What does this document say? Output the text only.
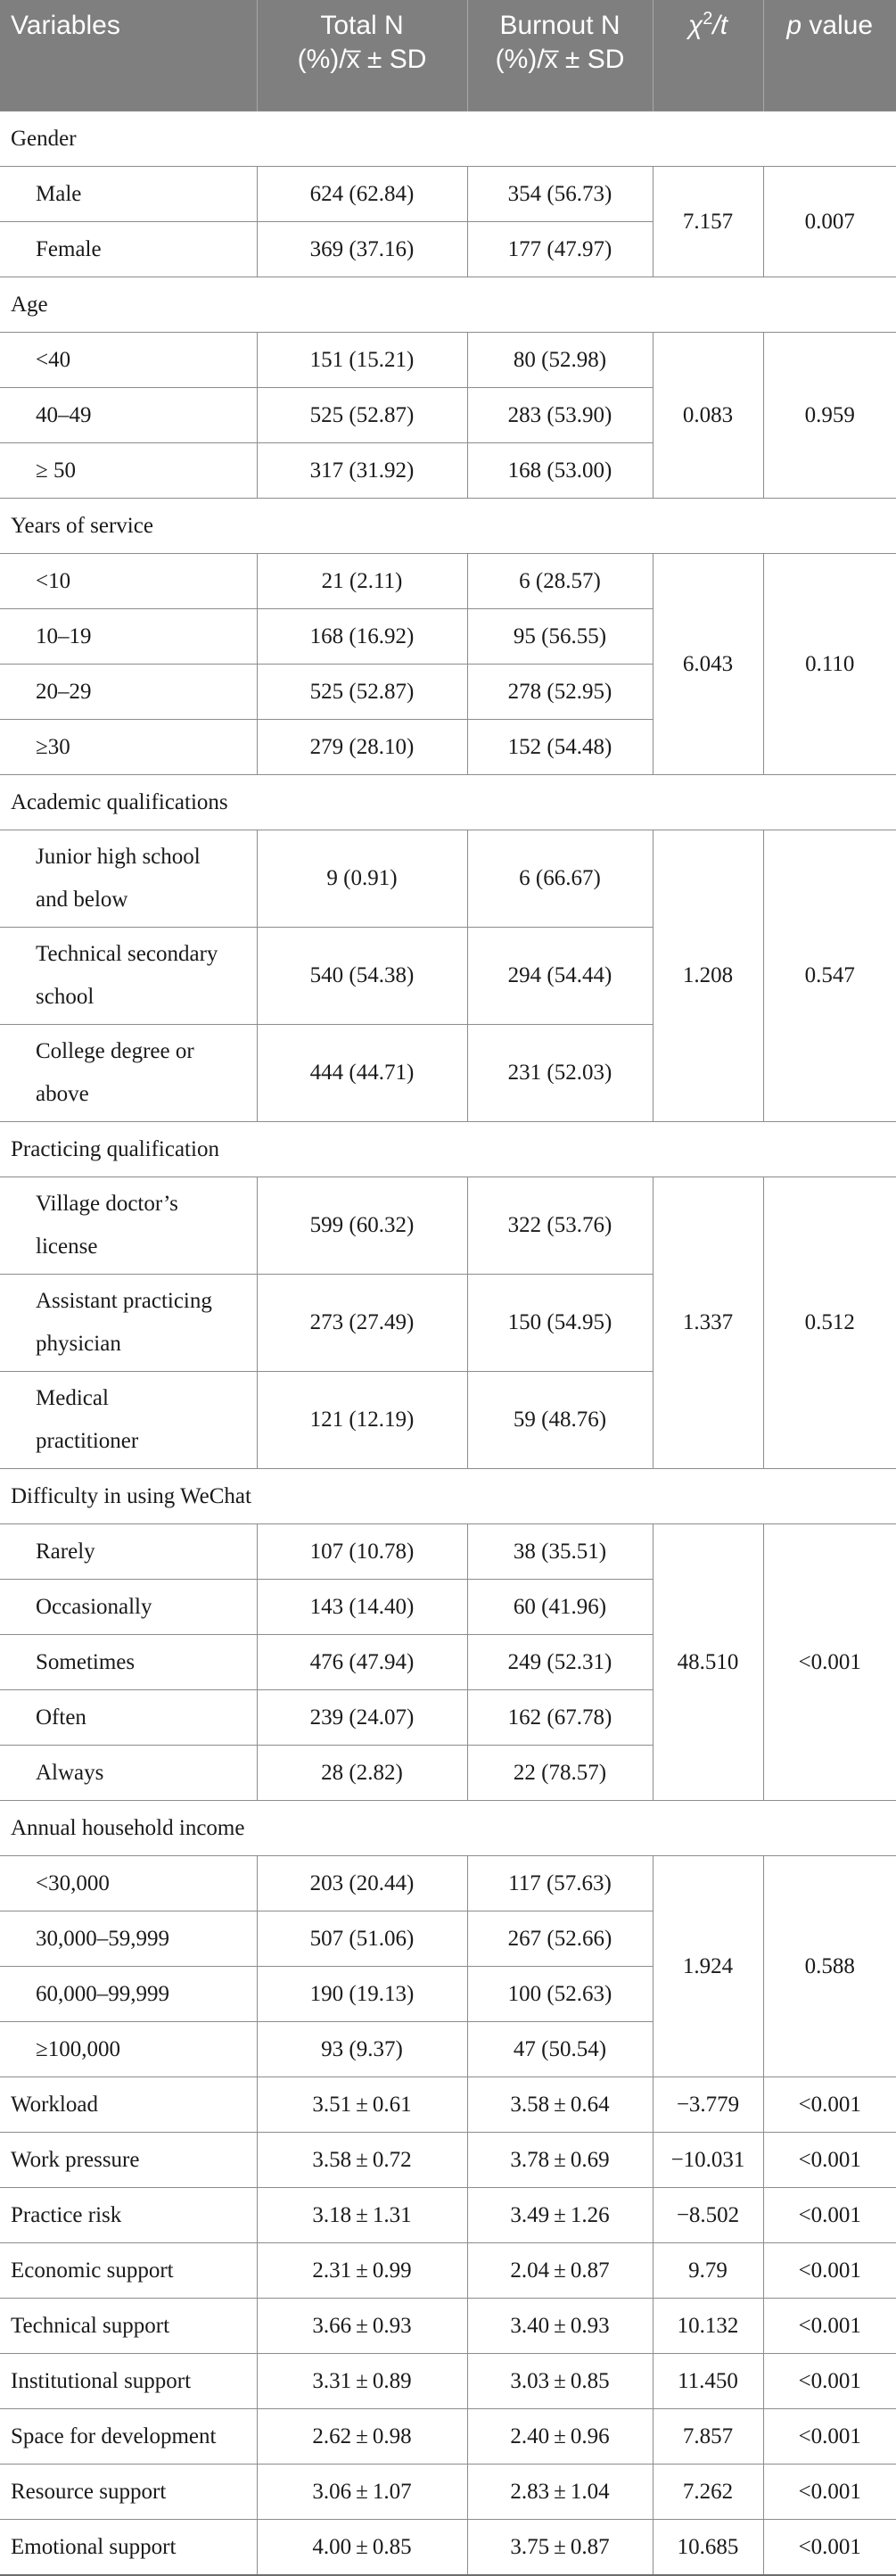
Variables	Total N
(%)/x̅ ± SD	Burnout N
(%)/x̅ ± SD	$\chi^2/t$	p value
Gender				
Male	624 (62.84)	354 (56.73)	7.157	0.007
Female	369 (37.16)	177 (47.97)		
Age				
<40	151 (15.21)	80 (52.98)	0.083	0.959
40–49	525 (52.87)	283 (53.90)		
≥ 50	317 (31.92)	168 (53.00)		
Years of service				
<10	21 (2.11)	6 (28.57)	6.043	0.110
10–19	168 (16.92)	95 (56.55)		
20–29	525 (52.87)	278 (52.95)		
≥30	279 (28.10)	152 (54.48)		
Academic qualifications				
Junior high school
and below	9 (0.91)	6 (66.67)	1.208	0.547
Technical secondary
school	540 (54.38)	294 (54.44)		
College degree or
above	444 (44.71)	231 (52.03)		
Practicing qualification				
Village doctor’s
license	599 (60.32)	322 (53.76)	1.337	0.512
Assistant practicing
physician	273 (27.49)	150 (54.95)		
Medical
practitioner	121 (12.19)	59 (48.76)		
Difficulty in using WeChat				
Rarely	107 (10.78)	38 (35.51)	48.510	<0.001
Occasionally	143 (14.40)	60 (41.96)		
Sometimes	476 (47.94)	249 (52.31)		
Often	239 (24.07)	162 (67.78)		
Always	28 (2.82)	22 (78.57)		
Annual household income				
<30,000	203 (20.44)	117 (57.63)	1.924	0.588
30,000–59,999	507 (51.06)	267 (52.66)		
60,000–99,999	190 (19.13)	100 (52.63)		
≥100,000	93 (9.37)	47 (50.54)		
Workload	3.51 ± 0.61	3.58 ± 0.64	−3.779	<0.001
Work pressure	3.58 ± 0.72	3.78 ± 0.69	−10.031	<0.001
Practice risk	3.18 ± 1.31	3.49 ± 1.26	−8.502	<0.001
Economic support	2.31 ± 0.99	2.04 ± 0.87	9.79	<0.001
Technical support	3.66 ± 0.93	3.40 ± 0.93	10.132	<0.001
Institutional support	3.31 ± 0.89	3.03 ± 0.85	11.450	<0.001
Space for development	2.62 ± 0.98	2.40 ± 0.96	7.857	<0.001
Resource support	3.06 ± 1.07	2.83 ± 1.04	7.262	<0.001
Emotional support	4.00 ± 0.85	3.75 ± 0.87	10.685	<0.001
